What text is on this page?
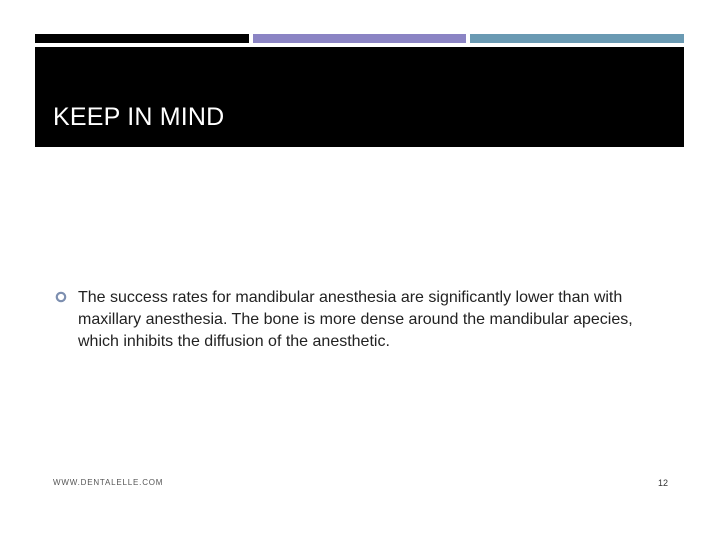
KEEP IN MIND

The success rates for mandibular anesthesia are significantly lower than with maxillary anesthesia. The bone is more dense around the mandibular apecies, which inhibits the diffusion of the anesthetic.

WWW.DENTALELLE.COM	12
